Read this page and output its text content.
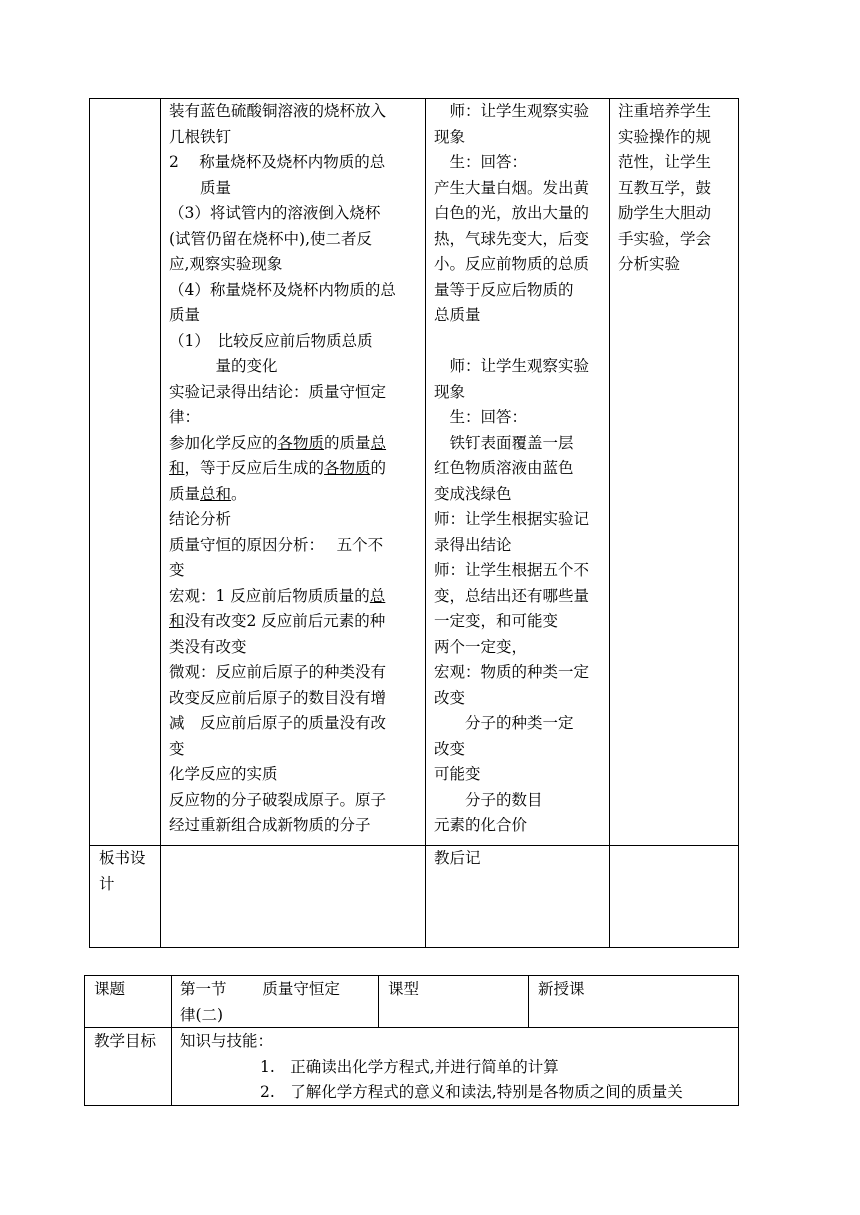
装有蓝色硫酸铜溶液的烧杯放入

几根铁钉

2　 称量烧杯及烧杯内物质的总

　　质量

（3）将试管内的溶液倒入烧杯

(试管仍留在烧杯中),使二者反

应,观察实验现象

（4）称量烧杯及烧杯内物质的总

质量

（1）　比较反应前后物质总质

　　　量的变化

实验记录得出结论：质量守恒定

律：

参加化学反应的各物质的质量总

和，等于反应后生成的各物质的

质量总和。

结论分析

质量守恒的原因分析：　 五个不

变

宏观：1 反应前后物质质量的总

和没有改变2 反应前后元素的种

类没有改变

微观：反应前后原子的种类没有

改变反应前后原子的数目没有增

减　反应前后原子的质量没有改

变

化学反应的实质

反应物的分子破裂成原子。原子

经过重新组合成新物质的分子

　师：让学生观察实验

现象

　生：回答：

产生大量白烟。发出黄

白色的光，放出大量的

热，气球先变大，后变

小。反应前物质的总质

量等于反应后物质的

总质量

　师：让学生观察实验

现象

　生：回答：

　铁钉表面覆盖一层

红色物质溶液由蓝色

变成浅绿色

师：让学生根据实验记

录得出结论

师：让学生根据五个不

变，总结出还有哪些量

一定变，和可能变

两个一定变，

宏观：物质的种类一定

改变

　　分子的种类一定

改变

可能变

　　分子的数目

元素的化合价

注重培养学生

实验操作的规

范性，让学生

互教互学，鼓

励学生大胆动

手实验，学会

分析实验

板书设

计

教后记

课题	第一节　　 质量守恒定

律(二)

课型	新授课

教学目标 知识与技能：

1.　正确读出化学方程式,并进行简单的计算

2.　了解化学方程式的意义和读法,特别是各物质之间的质量关
